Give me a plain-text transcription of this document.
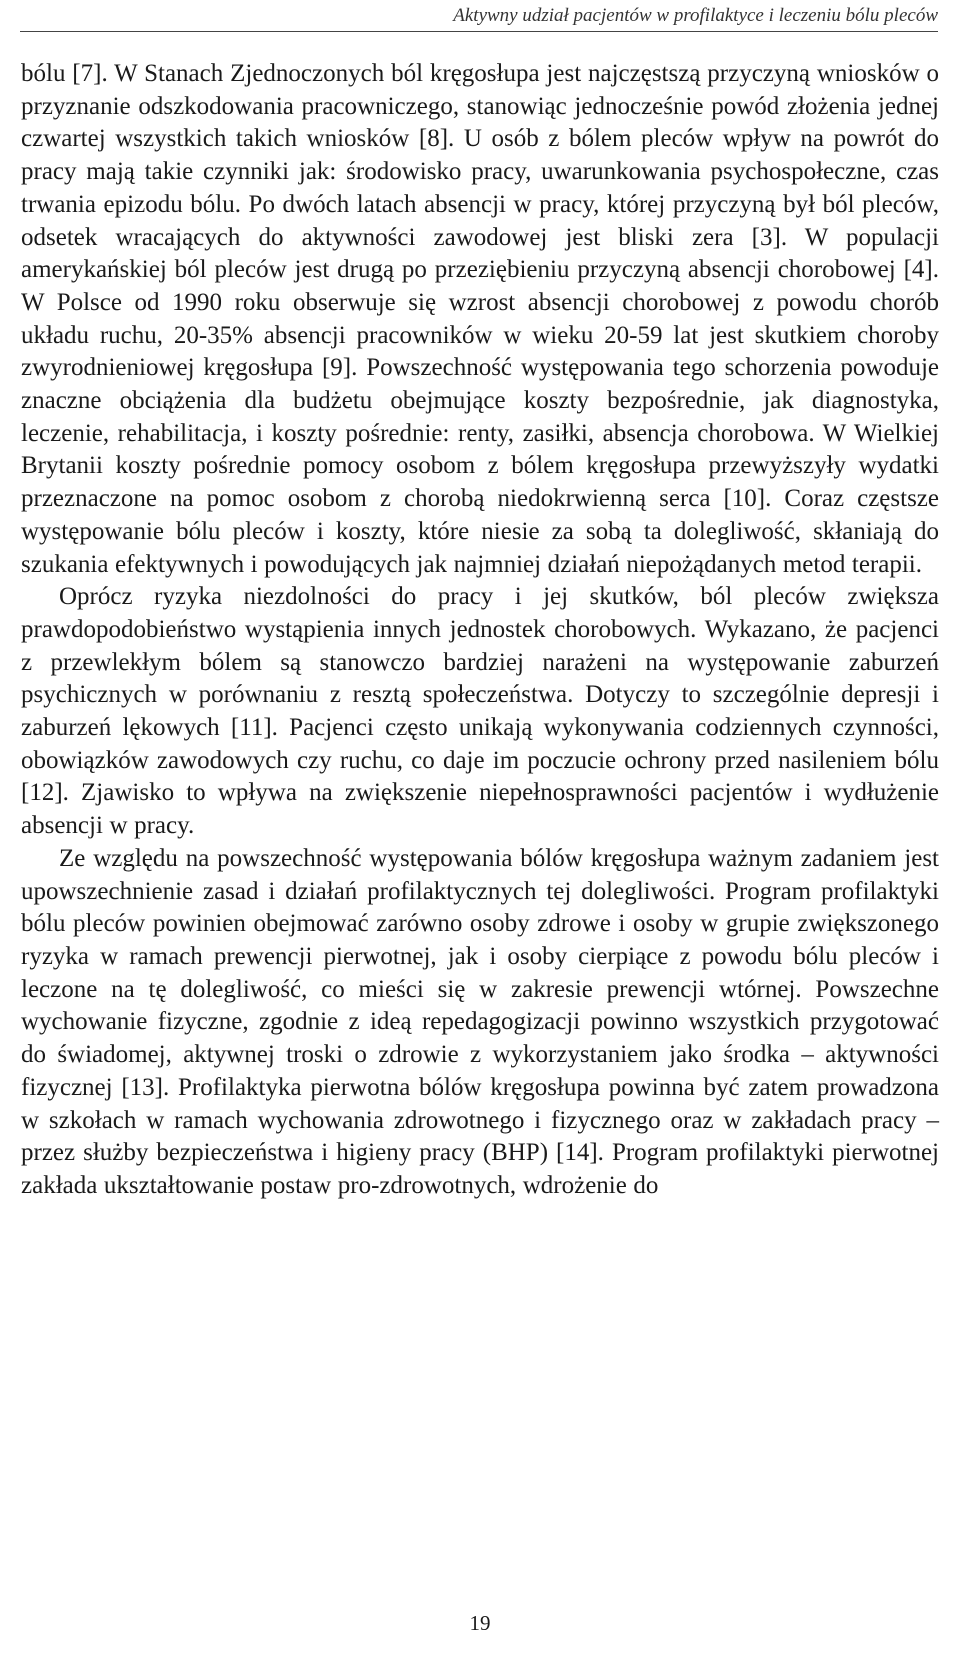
Aktywny udział pacjentów w profilaktyce i leczeniu bólu pleców

bólu [7]. W Stanach Zjednoczonych ból kręgosłupa jest najczęstszą przyczyną wniosków o przyznanie odszkodowania pracowniczego, stanowiąc jednocześnie powód złożenia jednej czwartej wszystkich takich wniosków [8]. U osób z bólem pleców wpływ na powrót do pracy mają takie czynniki jak: środowisko pracy, uwarunkowania psychospołeczne, czas trwania epizodu bólu. Po dwóch latach absencji w pracy, której przyczyną był ból pleców, odsetek wracających do aktywności zawodowej jest bliski zera [3]. W populacji amerykańskiej ból pleców jest drugą po przeziębieniu przyczyną absencji chorobowej [4]. W Polsce od 1990 roku obserwuje się wzrost absencji chorobowej z powodu chorób układu ruchu, 20-35% absencji pracowników w wieku 20-59 lat jest skutkiem choroby zwyrodnieniowej kręgosłupa [9]. Powszechność występowania tego schorzenia powoduje znaczne obciążenia dla budżetu obejmujące koszty bezpośrednie, jak diagnostyka, leczenie, rehabilitacja, i koszty pośrednie: renty, zasiłki, absencja chorobowa. W Wielkiej Brytanii koszty pośrednie pomocy osobom z bólem kręgosłupa przewyższyły wydatki przeznaczone na pomoc osobom z chorobą niedokrwienną serca [10]. Coraz częstsze występowanie bólu pleców i koszty, które niesie za sobą ta dolegliwość, skłaniają do szukania efektywnych i powodujących jak najmniej działań niepożądanych metod terapii.

Oprócz ryzyka niezdolności do pracy i jej skutków, ból pleców zwiększa prawdopodobieństwo wystąpienia innych jednostek chorobowych. Wykazano, że pacjenci z przewlekłym bólem są stanowczo bardziej narażeni na występowanie zaburzeń psychicznych w porównaniu z resztą społeczeństwa. Dotyczy to szczególnie depresji i zaburzeń lękowych [11]. Pacjenci często unikają wykonywania codziennych czynności, obowiązków zawodowych czy ruchu, co daje im poczucie ochrony przed nasileniem bólu [12]. Zjawisko to wpływa na zwiększenie niepełnosprawności pacjentów i wydłużenie absencji w pracy.

Ze względu na powszechność występowania bólów kręgosłupa ważnym zadaniem jest upowszechnienie zasad i działań profilaktycznych tej dolegliwości. Program profilaktyki bólu pleców powinien obejmować zarówno osoby zdrowe i osoby w grupie zwiększonego ryzyka w ramach prewencji pierwotnej, jak i osoby cierpiące z powodu bólu pleców i leczone na tę dolegliwość, co mieści się w zakresie prewencji wtórnej. Powszechne wychowanie fizyczne, zgodnie z ideą repedagogizacji powinno wszystkich przygotować do świadomej, aktywnej troski o zdrowie z wykorzystaniem jako środka – aktywności fizycznej [13]. Profilaktyka pierwotna bólów kręgosłupa powinna być zatem prowadzona w szkołach w ramach wychowania zdrowotnego i fizycznego oraz w zakładach pracy – przez służby bezpieczeństwa i higieny pracy (BHP) [14]. Program profilaktyki pierwotnej zakłada ukształtowanie postaw pro-zdrowotnych, wdrożenie do

19
